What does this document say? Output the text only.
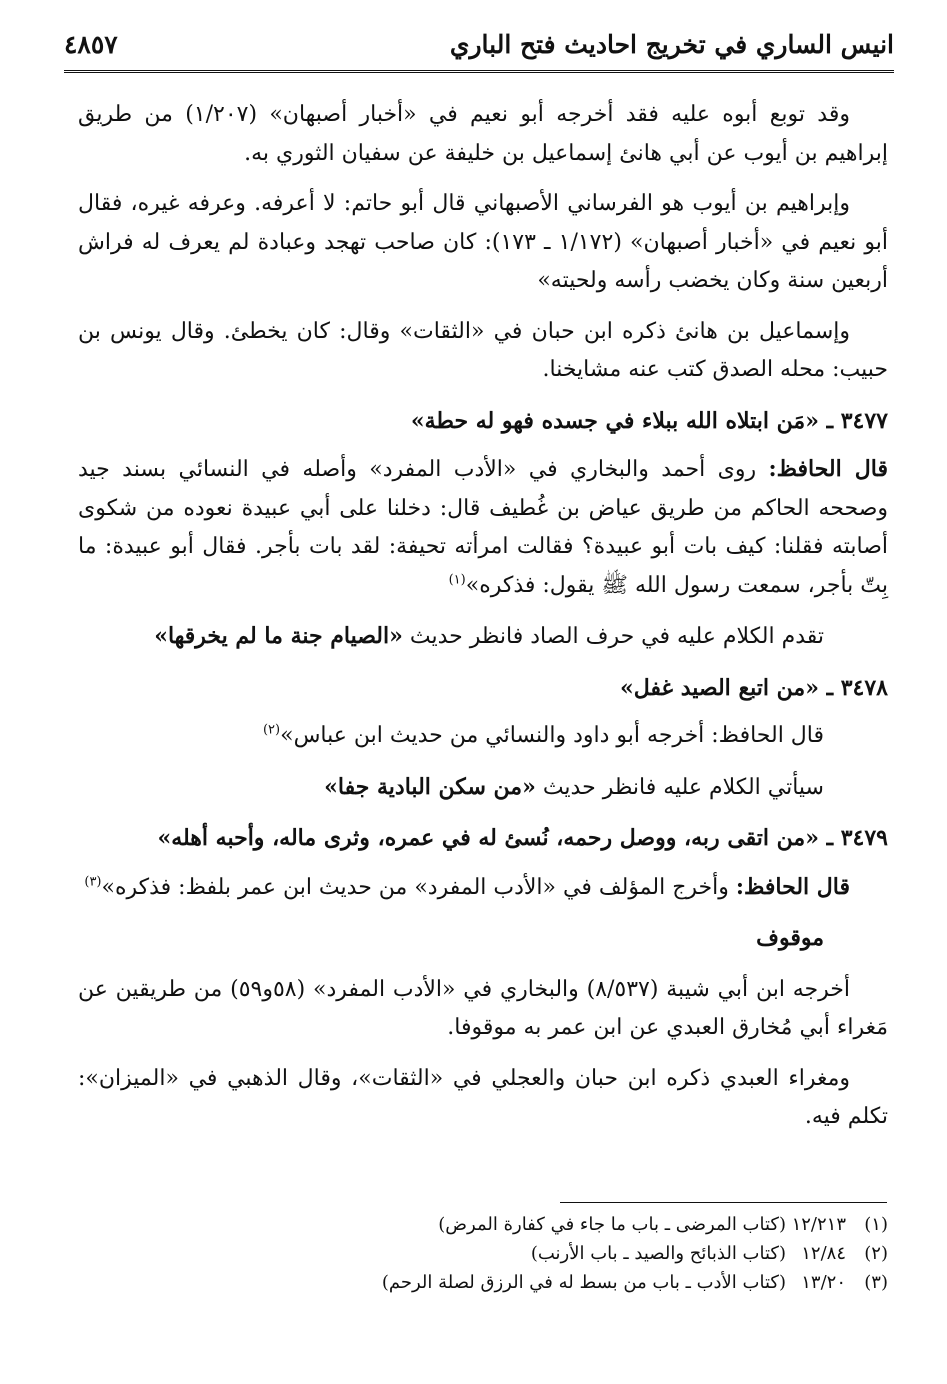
انيس الساري في تخريج احاديث فتح الباري
٤٨٥٧

وقد توبع أبوه عليه فقد أخرجه أبو نعيم في «أخبار أصبهان» (١/٢٠٧) من طريق إبراهيم بن أيوب عن أبي هانئ إسماعيل بن خليفة عن سفيان الثوري به.

وإبراهيم بن أيوب هو الفرساني الأصبهاني قال أبو حاتم: لا أعرفه. وعرفه غيره، فقال أبو نعيم في «أخبار أصبهان» (١/١٧٢ ـ ١٧٣): كان صاحب تهجد وعبادة لم يعرف له فراش أربعين سنة وكان يخضب رأسه ولحيته»

وإسماعيل بن هانئ ذكره ابن حبان في «الثقات» وقال: كان يخطئ. وقال يونس بن حبيب: محله الصدق كتب عنه مشايخنا.

٣٤٧٧ ـ «مَن ابتلاه الله ببلاء في جسده فهو له حطة»

قال الحافظ: روى أحمد والبخاري في «الأدب المفرد» وأصله في النسائي بسند جيد وصححه الحاكم من طريق عياض بن غُطيف قال: دخلنا على أبي عبيدة نعوده من شكوى أصابته فقلنا: كيف بات أبو عبيدة؟ فقالت امرأته تحيفة: لقد بات بأجر. فقال أبو عبيدة: ما بِتّ بأجر، سمعت رسول الله ﷺ يقول: فذكره»$^{(١)}$

تقدم الكلام عليه في حرف الصاد فانظر حديث «الصيام جنة ما لم يخرقها»

٣٤٧٨ ـ «من اتبع الصيد غفل»

قال الحافظ: أخرجه أبو داود والنسائي من حديث ابن عباس»$^{(٢)}$

سيأتي الكلام عليه فانظر حديث «من سكن البادية جفا»

٣٤٧٩ ـ «من اتقى ربه، ووصل رحمه، نُسئ له في عمره، وثرى ماله، وأحبه أهله»

قال الحافظ: وأخرج المؤلف في «الأدب المفرد» من حديث ابن عمر بلفظ: فذكره»$^{(٣)}$

موقوف

أخرجه ابن أبي شيبة (٨/٥٣٧) والبخاري في «الأدب المفرد» (٥٨و٥٩) من طريقين عن مَغراء أبي مُخارق العبدي عن ابن عمر به موقوفا.

ومغراء العبدي ذكره ابن حبان والعجلي في «الثقات»، وقال الذهبي في «الميزان»: تكلم فيه.

(١)
١٢/٢١٣
(كتاب المرضى ـ باب ما جاء في كفارة المرض)
(٢)
١٢/٨٤
(كتاب الذبائح والصيد ـ باب الأرنب)
(٣)
١٣/٢٠
(كتاب الأدب ـ باب من بسط له في الرزق لصلة الرحم)
